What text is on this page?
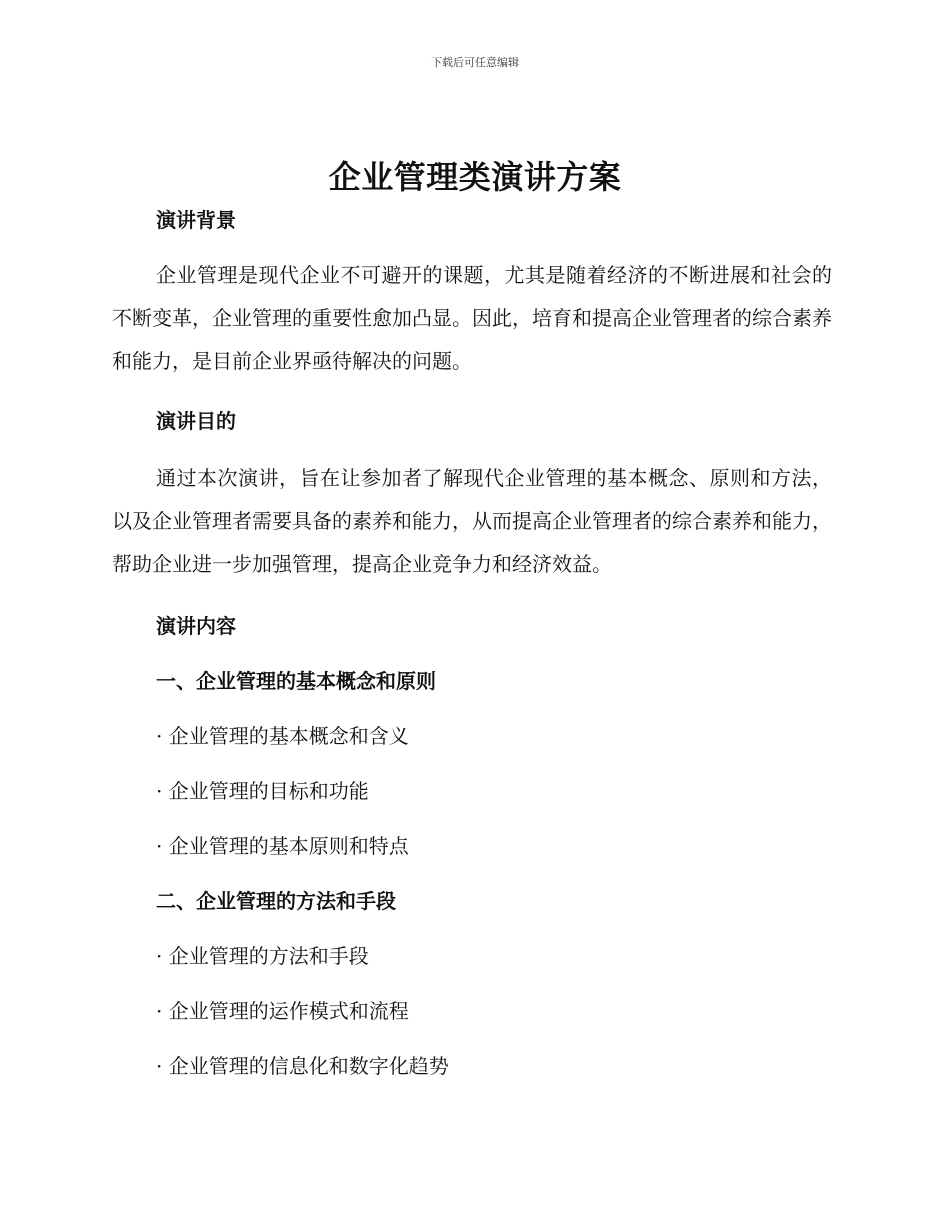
下载后可任意编辑
企业管理类演讲方案
演讲背景

企业管理是现代企业不可避开的课题，尤其是随着经济的不断进展和社会的不断变革，企业管理的重要性愈加凸显。因此，培育和提高企业管理者的综合素养和能力，是目前企业界亟待解决的问题。

演讲目的

通过本次演讲，旨在让参加者了解现代企业管理的基本概念、原则和方法，以及企业管理者需要具备的素养和能力，从而提高企业管理者的综合素养和能力，帮助企业进一步加强管理，提高企业竞争力和经济效益。

演讲内容
一、企业管理的基本概念和原则

· 企业管理的基本概念和含义

· 企业管理的目标和功能

· 企业管理的基本原则和特点

二、企业管理的方法和手段

· 企业管理的方法和手段

· 企业管理的运作模式和流程

· 企业管理的信息化和数字化趋势
